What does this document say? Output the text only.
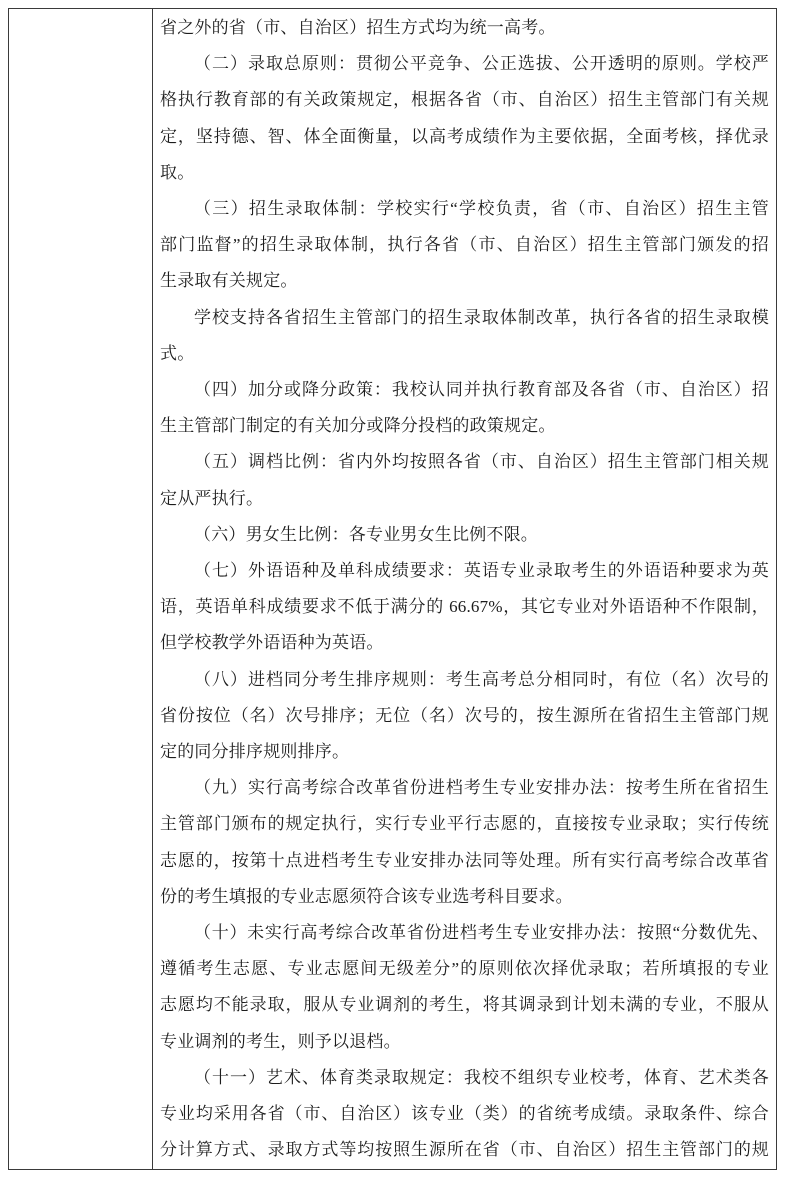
省之外的省（市、自治区）招生方式均为统一高考。
（二）录取总原则：贯彻公平竞争、公正选拔、公开透明的原则。学校严
格执行教育部的有关政策规定，根据各省（市、自治区）招生主管部门有关规
定，坚持德、智、体全面衡量，以高考成绩作为主要依据，全面考核，择优录
取。
（三）招生录取体制：学校实行“学校负责，省（市、自治区）招生主管
部门监督”的招生录取体制，执行各省（市、自治区）招生主管部门颁发的招
生录取有关规定。
学校支持各省招生主管部门的招生录取体制改革，执行各省的招生录取模
式。
（四）加分或降分政策：我校认同并执行教育部及各省（市、自治区）招
生主管部门制定的有关加分或降分投档的政策规定。
（五）调档比例：省内外均按照各省（市、自治区）招生主管部门相关规
定从严执行。
（六）男女生比例：各专业男女生比例不限。
（七）外语语种及单科成绩要求：英语专业录取考生的外语语种要求为英
语，英语单科成绩要求不低于满分的 66.67%，其它专业对外语语种不作限制，
但学校教学外语语种为英语。
（八）进档同分考生排序规则：考生高考总分相同时，有位（名）次号的
省份按位（名）次号排序；无位（名）次号的，按生源所在省招生主管部门规
定的同分排序规则排序。
（九）实行高考综合改革省份进档考生专业安排办法：按考生所在省招生
主管部门颁布的规定执行，实行专业平行志愿的，直接按专业录取；实行传统
志愿的，按第十点进档考生专业安排办法同等处理。所有实行高考综合改革省
份的考生填报的专业志愿须符合该专业选考科目要求。
（十）未实行高考综合改革省份进档考生专业安排办法：按照“分数优先、
遵循考生志愿、专业志愿间无级差分”的原则依次择优录取；若所填报的专业
志愿均不能录取，服从专业调剂的考生，将其调录到计划未满的专业，不服从
专业调剂的考生，则予以退档。
（十一）艺术、体育类录取规定：我校不组织专业校考，体育、艺术类各
专业均采用各省（市、自治区）该专业（类）的省统考成绩。录取条件、综合
分计算方式、录取方式等均按照生源所在省（市、自治区）招生主管部门的规
